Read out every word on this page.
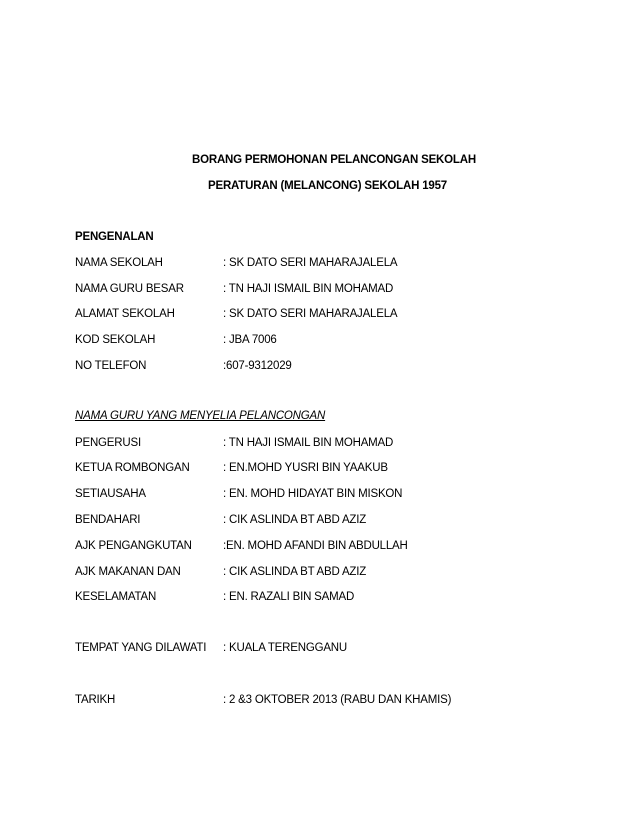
BORANG PERMOHONAN PELANCONGAN SEKOLAH
PERATURAN (MELANCONG) SEKOLAH 1957
PENGENALAN
NAMA SEKOLAH	: SK DATO SERI MAHARAJALELA
NAMA GURU BESAR	: TN HAJI ISMAIL BIN MOHAMAD
ALAMAT SEKOLAH	: SK DATO SERI MAHARAJALELA
KOD SEKOLAH	: JBA 7006
NO TELEFON	:607-9312029
NAMA GURU YANG MENYELIA PELANCONGAN
PENGERUSI	: TN HAJI ISMAIL BIN MOHAMAD
KETUA ROMBONGAN	: EN.MOHD YUSRI BIN YAAKUB
SETIAUSAHA	: EN. MOHD HIDAYAT BIN MISKON
BENDAHARI	: CIK ASLINDA BT ABD AZIZ
AJK PENGANGKUTAN	:EN. MOHD AFANDI BIN ABDULLAH
AJK MAKANAN DAN	: CIK ASLINDA BT ABD AZIZ
KESELAMATAN	: EN. RAZALI BIN SAMAD
TEMPAT YANG DILAWATI : KUALA TERENGGANU
TARIKH	: 2 &3 OKTOBER 2013 (RABU DAN KHAMIS)
